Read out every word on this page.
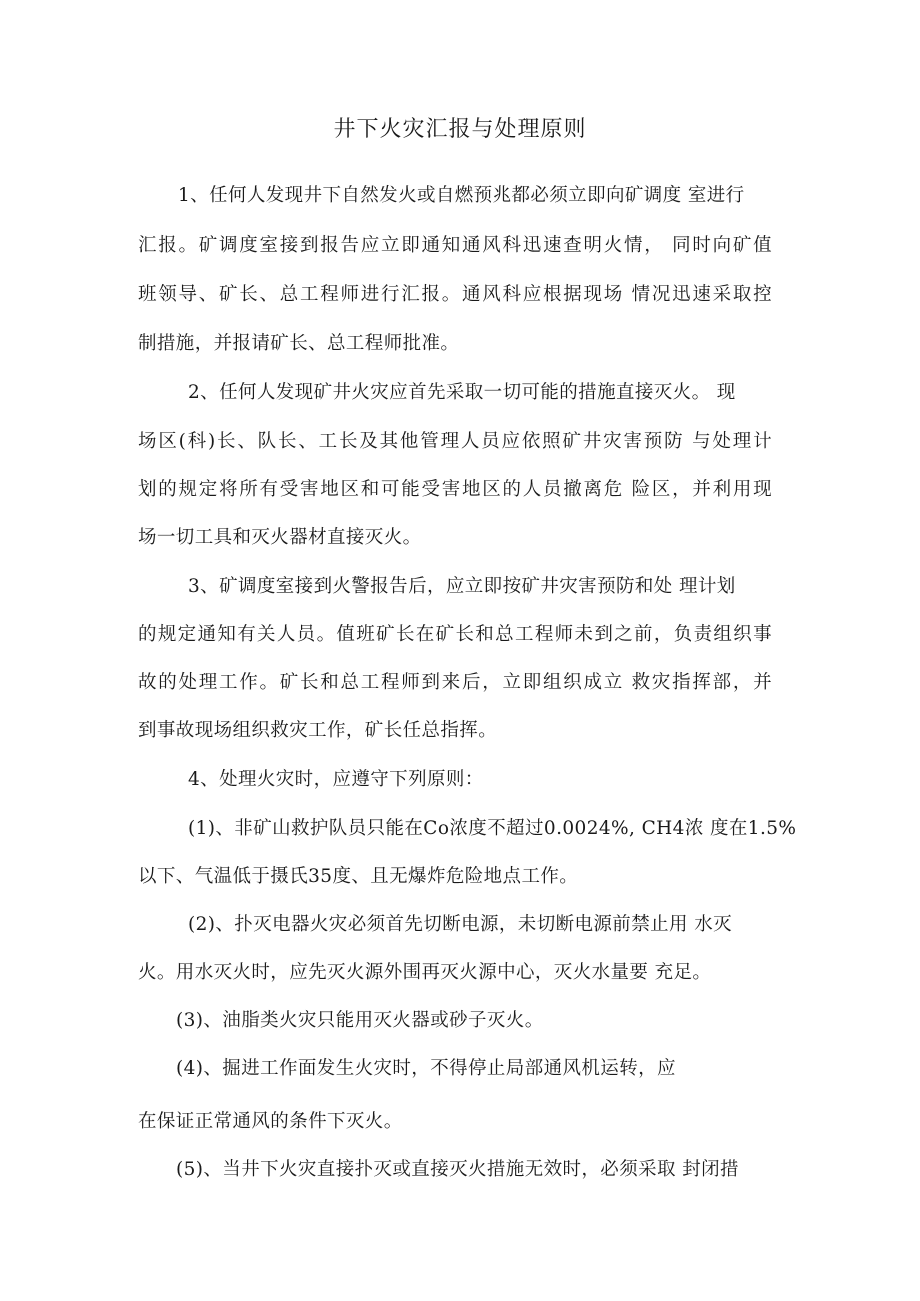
井下火灾汇报与处理原则
1、任何人发现井下自然发火或自燃预兆都必须立即向矿调度 室进行
汇报。矿调度室接到报告应立即通知通风科迅速查明火情， 同时向矿值
班领导、矿长、总工程师进行汇报。通风科应根据现场 情况迅速采取控
制措施，并报请矿长、总工程师批准。
2、任何人发现矿井火灾应首先采取一切可能的措施直接灭火。 现
场区(科)长、队长、工长及其他管理人员应依照矿井灾害预防 与处理计
划的规定将所有受害地区和可能受害地区的人员撤离危 险区，并利用现
场一切工具和灭火器材直接灭火。
3、矿调度室接到火警报告后，应立即按矿井灾害预防和处 理计划
的规定通知有关人员。值班矿长在矿长和总工程师未到之前，负责组织事
故的处理工作。矿长和总工程师到来后，立即组织成立 救灾指挥部，并
到事故现场组织救灾工作，矿长任总指挥。
4、处理火灾时，应遵守下列原则：
(1)、非矿山救护队员只能在Co浓度不超过0.0024%, CH4浓 度在1.5%
以下、气温低于摄氏35度、且无爆炸危险地点工作。
(2)、扑灭电器火灾必须首先切断电源，未切断电源前禁止用 水灭
火。用水灭火时，应先灭火源外围再灭火源中心，灭火水量要 充足。
(3)、油脂类火灾只能用灭火器或砂子灭火。
(4)、掘进工作面发生火灾时，不得停止局部通风机运转，应
在保证正常通风的条件下灭火。
(5)、当井下火灾直接扑灭或直接灭火措施无效时，必须采取 封闭措
